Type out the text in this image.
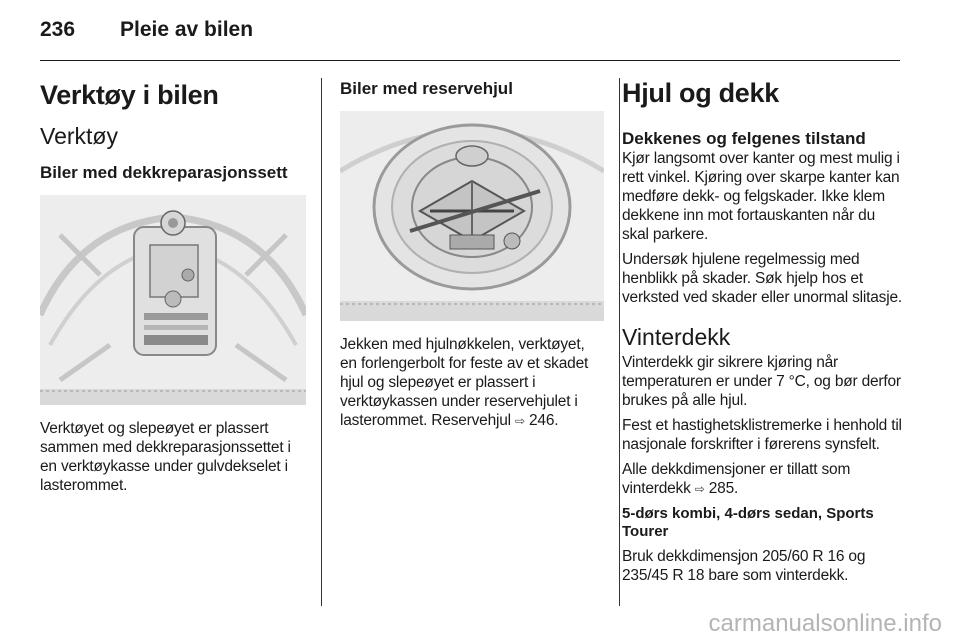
236 Pleie av bilen
Verktøy i bilen
Verktøy
Biler med dekkreparasjonssett

Verktøyet og slepeøyet er plassert sammen med dekkreparasjonssettet i en verktøykasse under gulvdekselet i lasterommet.

Biler med reservehjul

Jekken med hjulnøkkelen, verktøyet, en forlengerbolt for feste av et skadet hjul og slepeøyet er plassert i verktøykassen under reservehjulet i lasterommet. Reservehjul ⇨ 246.

Hjul og dekk
Dekkenes og felgenes tilstand

Kjør langsomt over kanter og mest mulig i rett vinkel. Kjøring over skarpe kanter kan medføre dekk- og felgskader. Ikke klem dekkene inn mot fortauskanten når du skal parkere.

Undersøk hjulene regelmessig med henblikk på skader. Søk hjelp hos et verksted ved skader eller unormal slitasje.

Vinterdekk

Vinterdekk gir sikrere kjøring når temperaturen er under 7 °C, og bør derfor brukes på alle hjul.

Fest et hastighetsklistremerke i henhold til nasjonale forskrifter i førerens synsfelt.

Alle dekkdimensjoner er tillatt som vinterdekk ⇨ 285.

5-dørs kombi, 4-dørs sedan, Sports Tourer

Bruk dekkdimensjon 205/60 R 16 og 235/45 R 18 bare som vinterdekk.

carmanualsonline.info
